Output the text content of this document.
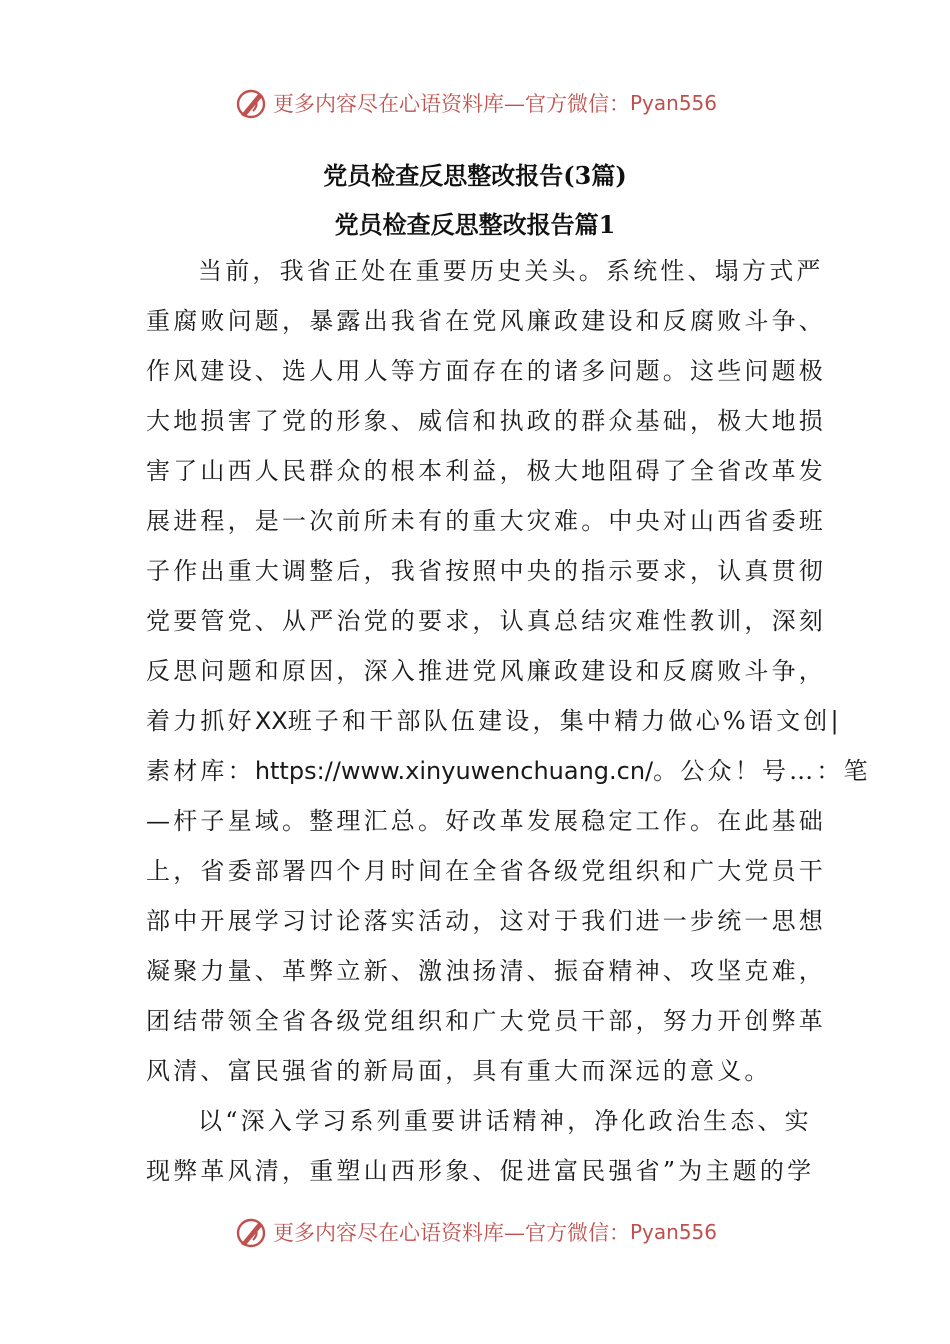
更多内容尽在心语资料库—官方微信： Pyan556
党员检查反思整改报告(3篇)
党员检查反思整改报告篇1
当前，我省正处在重要历史关头。系统性、塌方式严
重腐败问题，暴露出我省在党风廉政建设和反腐败斗争、
作风建设、选人用人等方面存在的诸多问题。这些问题极
大地损害了党的形象、威信和执政的群众基础，极大地损
害了山西人民群众的根本利益，极大地阻碍了全省改革发
展进程，是一次前所未有的重大灾难。中央对山西省委班
子作出重大调整后，我省按照中央的指示要求，认真贯彻
党要管党、从严治党的要求，认真总结灾难性教训，深刻
反思问题和原因，深入推进党风廉政建设和反腐败斗争，
着力抓好XX班子和干部队伍建设，集中精力做心%语文创|
素材库：https://www.xinyuwenchuang.cn/。公众！号…：笔
—杆子星域。整理汇总。好改革发展稳定工作。在此基础
上，省委部署四个月时间在全省各级党组织和广大党员干
部中开展学习讨论落实活动，这对于我们进一步统一思想
凝聚力量、革弊立新、激浊扬清、振奋精神、攻坚克难，
团结带领全省各级党组织和广大党员干部，努力开创弊革
风清、富民强省的新局面，具有重大而深远的意义。
以“深入学习系列重要讲话精神，净化政治生态、实
现弊革风清，重塑山西形象、促进富民强省”为主题的学
更多内容尽在心语资料库—官方微信： Pyan556
